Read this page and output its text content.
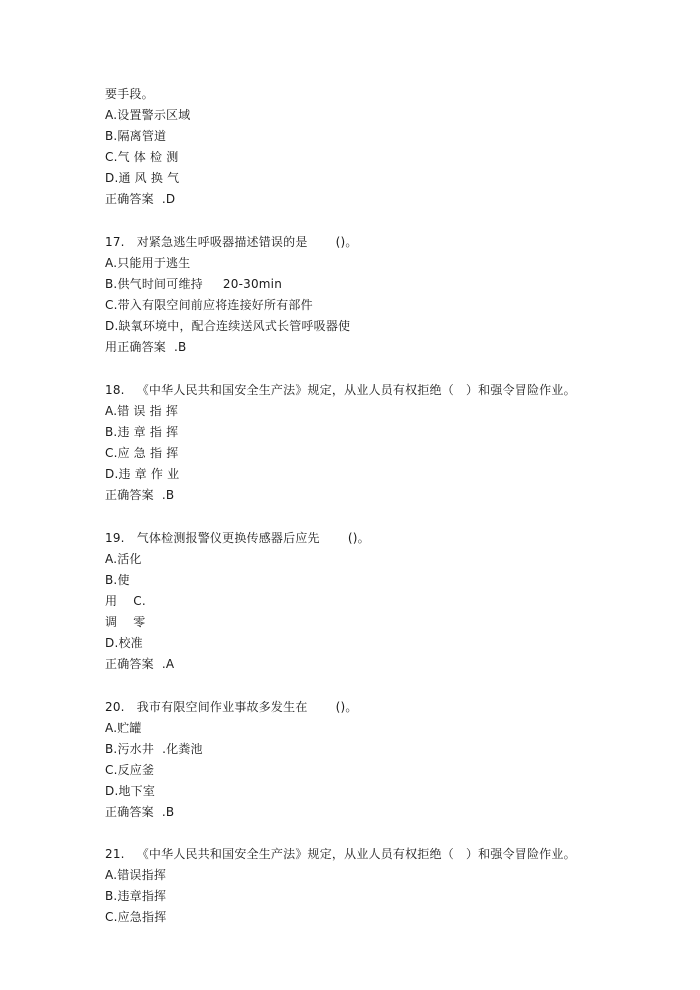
要手段。
A.设置警示区域
B.隔离管道
C.气 体 检 测
D.通 风 换 气
正确答案  .D
17.   对紧急逃生呼吸器描述错误的是       ()。
A.只能用于逃生
B.供气时间可维持     20-30min
C.带入有限空间前应将连接好所有部件
D.缺氧环境中，配合连续送风式长管呼吸器使
用正确答案  .B
18.   《中华人民共和国安全生产法》规定，从业人员有权拒绝（   ）和强令冒险作业。
A.错 误 指 挥
B.违 章 指 挥
C.应 急 指 挥
D.违 章 作 业
正确答案  .B
19.   气体检测报警仪更换传感器后应先       ()。
A.活化
B.使
用    C.
调    零
D.校准
正确答案  .A
20.   我市有限空间作业事故多发生在       ()。
A.贮罐
B.污水井  .化粪池
C.反应釜
D.地下室
正确答案  .B
21.   《中华人民共和国安全生产法》规定，从业人员有权拒绝（   ）和强令冒险作业。
A.错误指挥
B.违章指挥
C.应急指挥
